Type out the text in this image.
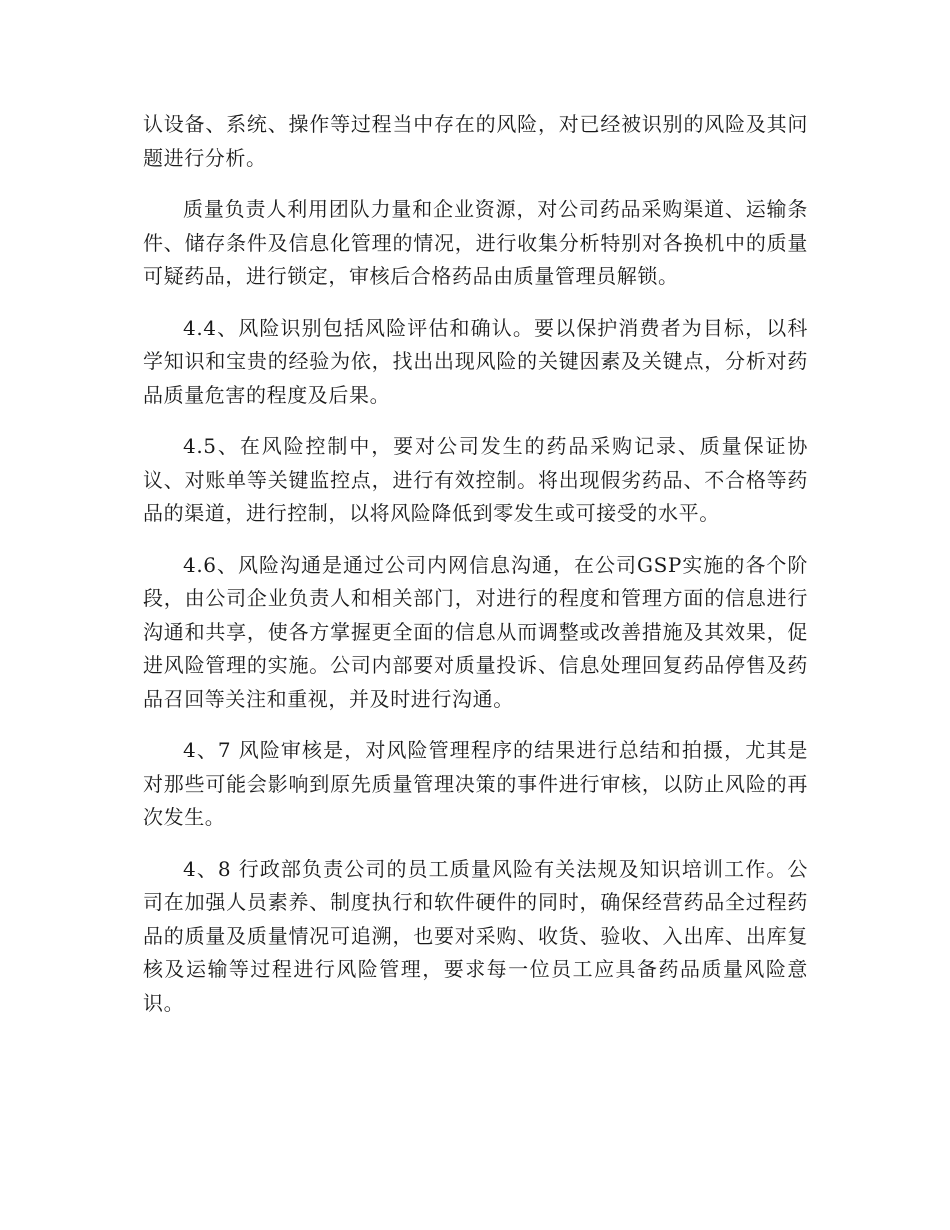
认设备、系统、操作等过程当中存在的风险，对已经被识别的风险及其问题进行分析。

质量负责人利用团队力量和企业资源，对公司药品采购渠道、运输条件、储存条件及信息化管理的情况，进行收集分析特别对各换机中的质量可疑药品，进行锁定，审核后合格药品由质量管理员解锁。

4.4、风险识别包括风险评估和确认。要以保护消费者为目标，以科学知识和宝贵的经验为依，找出出现风险的关键因素及关键点，分析对药品质量危害的程度及后果。

4.5、在风险控制中，要对公司发生的药品采购记录、质量保证协议、对账单等关键监控点，进行有效控制。将出现假劣药品、不合格等药品的渠道，进行控制，以将风险降低到零发生或可接受的水平。

4.6、风险沟通是通过公司内网信息沟通，在公司GSP实施的各个阶段，由公司企业负责人和相关部门，对进行的程度和管理方面的信息进行沟通和共享，使各方掌握更全面的信息从而调整或改善措施及其效果，促进风险管理的实施。公司内部要对质量投诉、信息处理回复药品停售及药品召回等关注和重视，并及时进行沟通。

4、7 风险审核是，对风险管理程序的结果进行总结和拍摄，尤其是对那些可能会影响到原先质量管理决策的事件进行审核，以防止风险的再次发生。

4、8 行政部负责公司的员工质量风险有关法规及知识培训工作。公司在加强人员素养、制度执行和软件硬件的同时，确保经营药品全过程药品的质量及质量情况可追溯，也要对采购、收货、验收、入出库、出库复核及运输等过程进行风险管理，要求每一位员工应具备药品质量风险意识。
